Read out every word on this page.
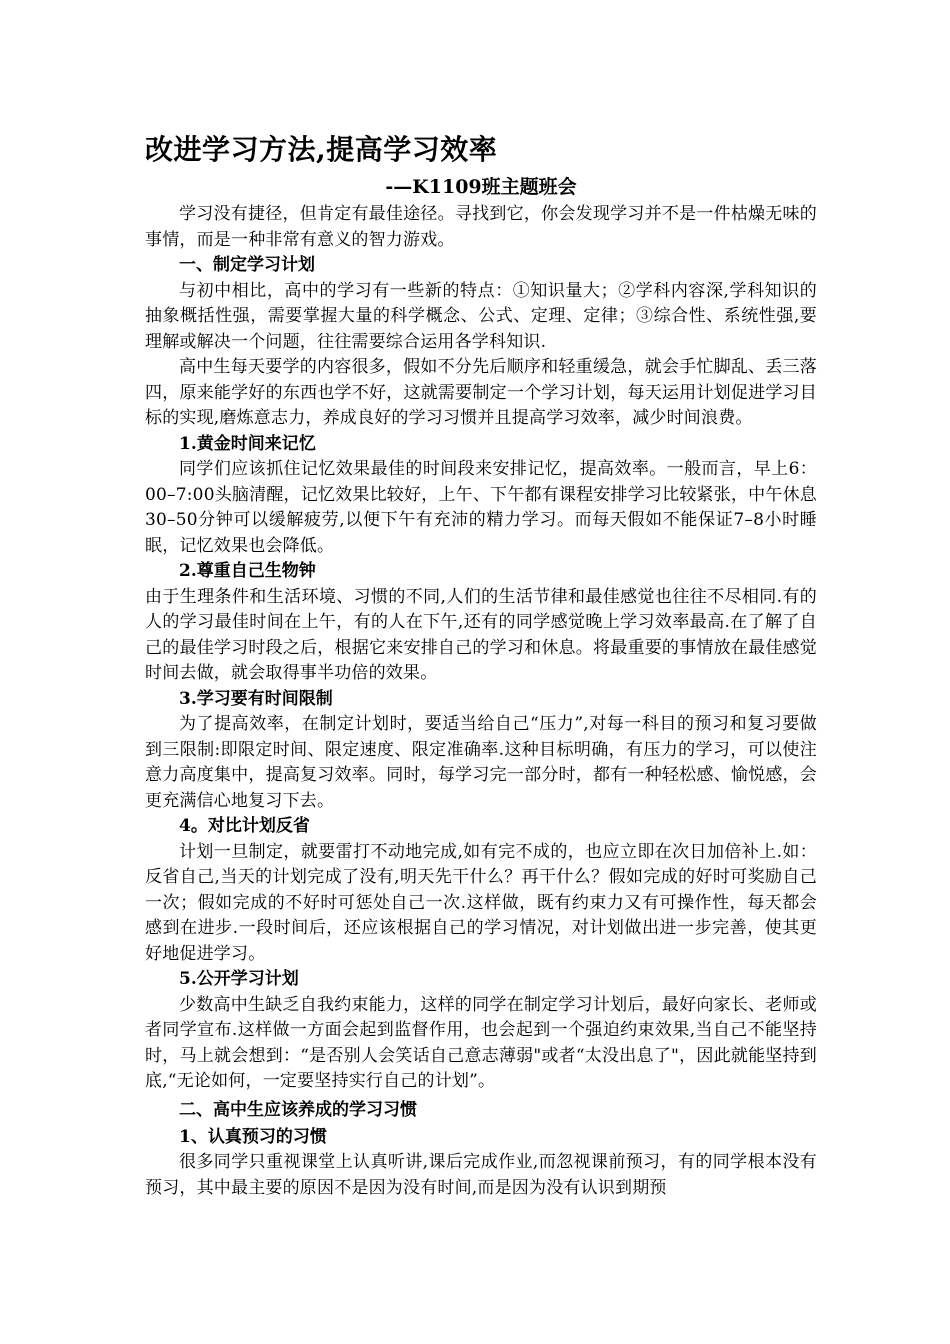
改进学习方法,提高学习效率
-—K1109班主题班会

学习没有捷径，但肯定有最佳途径。寻找到它，你会发现学习并不是一件枯燥无味的事情，而是一种非常有意义的智力游戏。

一、制定学习计划

与初中相比，高中的学习有一些新的特点：①知识量大；②学科内容深,学科知识的抽象概括性强，需要掌握大量的科学概念、公式、定理、定律；③综合性、系统性强,要理解或解决一个问题，往往需要综合运用各学科知识.

高中生每天要学的内容很多，假如不分先后顺序和轻重缓急，就会手忙脚乱、丢三落四，原来能学好的东西也学不好，这就需要制定一个学习计划，每天运用计划促进学习目标的实现,磨炼意志力，养成良好的学习习惯并且提高学习效率，减少时间浪费。

1.黄金时间来记忆

同学们应该抓住记忆效果最佳的时间段来安排记忆，提高效率。一般而言，早上6：00–7:00头脑清醒，记忆效果比较好，上午、下午都有课程安排学习比较紧张，中午休息30–50分钟可以缓解疲劳,以便下午有充沛的精力学习。而每天假如不能保证7–8小时睡眠，记忆效果也会降低。

2.尊重自己生物钟

由于生理条件和生活环境、习惯的不同,人们的生活节律和最佳感觉也往往不尽相同.有的人的学习最佳时间在上午，有的人在下午,还有的同学感觉晚上学习效率最高.在了解了自己的最佳学习时段之后，根据它来安排自己的学习和休息。将最重要的事情放在最佳感觉时间去做，就会取得事半功倍的效果。

3.学习要有时间限制

为了提高效率，在制定计划时，要适当给自己“压力”,对每一科目的预习和复习要做到三限制:即限定时间、限定速度、限定准确率.这种目标明确，有压力的学习，可以使注意力高度集中，提高复习效率。同时，每学习完一部分时，都有一种轻松感、愉悦感，会更充满信心地复习下去。

4。对比计划反省

计划一旦制定，就要雷打不动地完成,如有完不成的，也应立即在次日加倍补上.如：反省自己,当天的计划完成了没有,明天先干什么？再干什么？假如完成的好时可奖励自己一次；假如完成的不好时可惩处自己一次.这样做，既有约束力又有可操作性，每天都会感到在进步.一段时间后，还应该根据自己的学习情况，对计划做出进一步完善，使其更好地促进学习。

5.公开学习计划

少数高中生缺乏自我约束能力，这样的同学在制定学习计划后，最好向家长、老师或者同学宣布.这样做一方面会起到监督作用，也会起到一个强迫约束效果,当自己不能坚持时，马上就会想到：“是否别人会笑话自己意志薄弱"或者“太没出息了"，因此就能坚持到底,“无论如何，一定要坚持实行自己的计划”。

二、高中生应该养成的学习习惯

1、认真预习的习惯

很多同学只重视课堂上认真听讲,课后完成作业,而忽视课前预习，有的同学根本没有预习，其中最主要的原因不是因为没有时间,而是因为没有认识到期预
